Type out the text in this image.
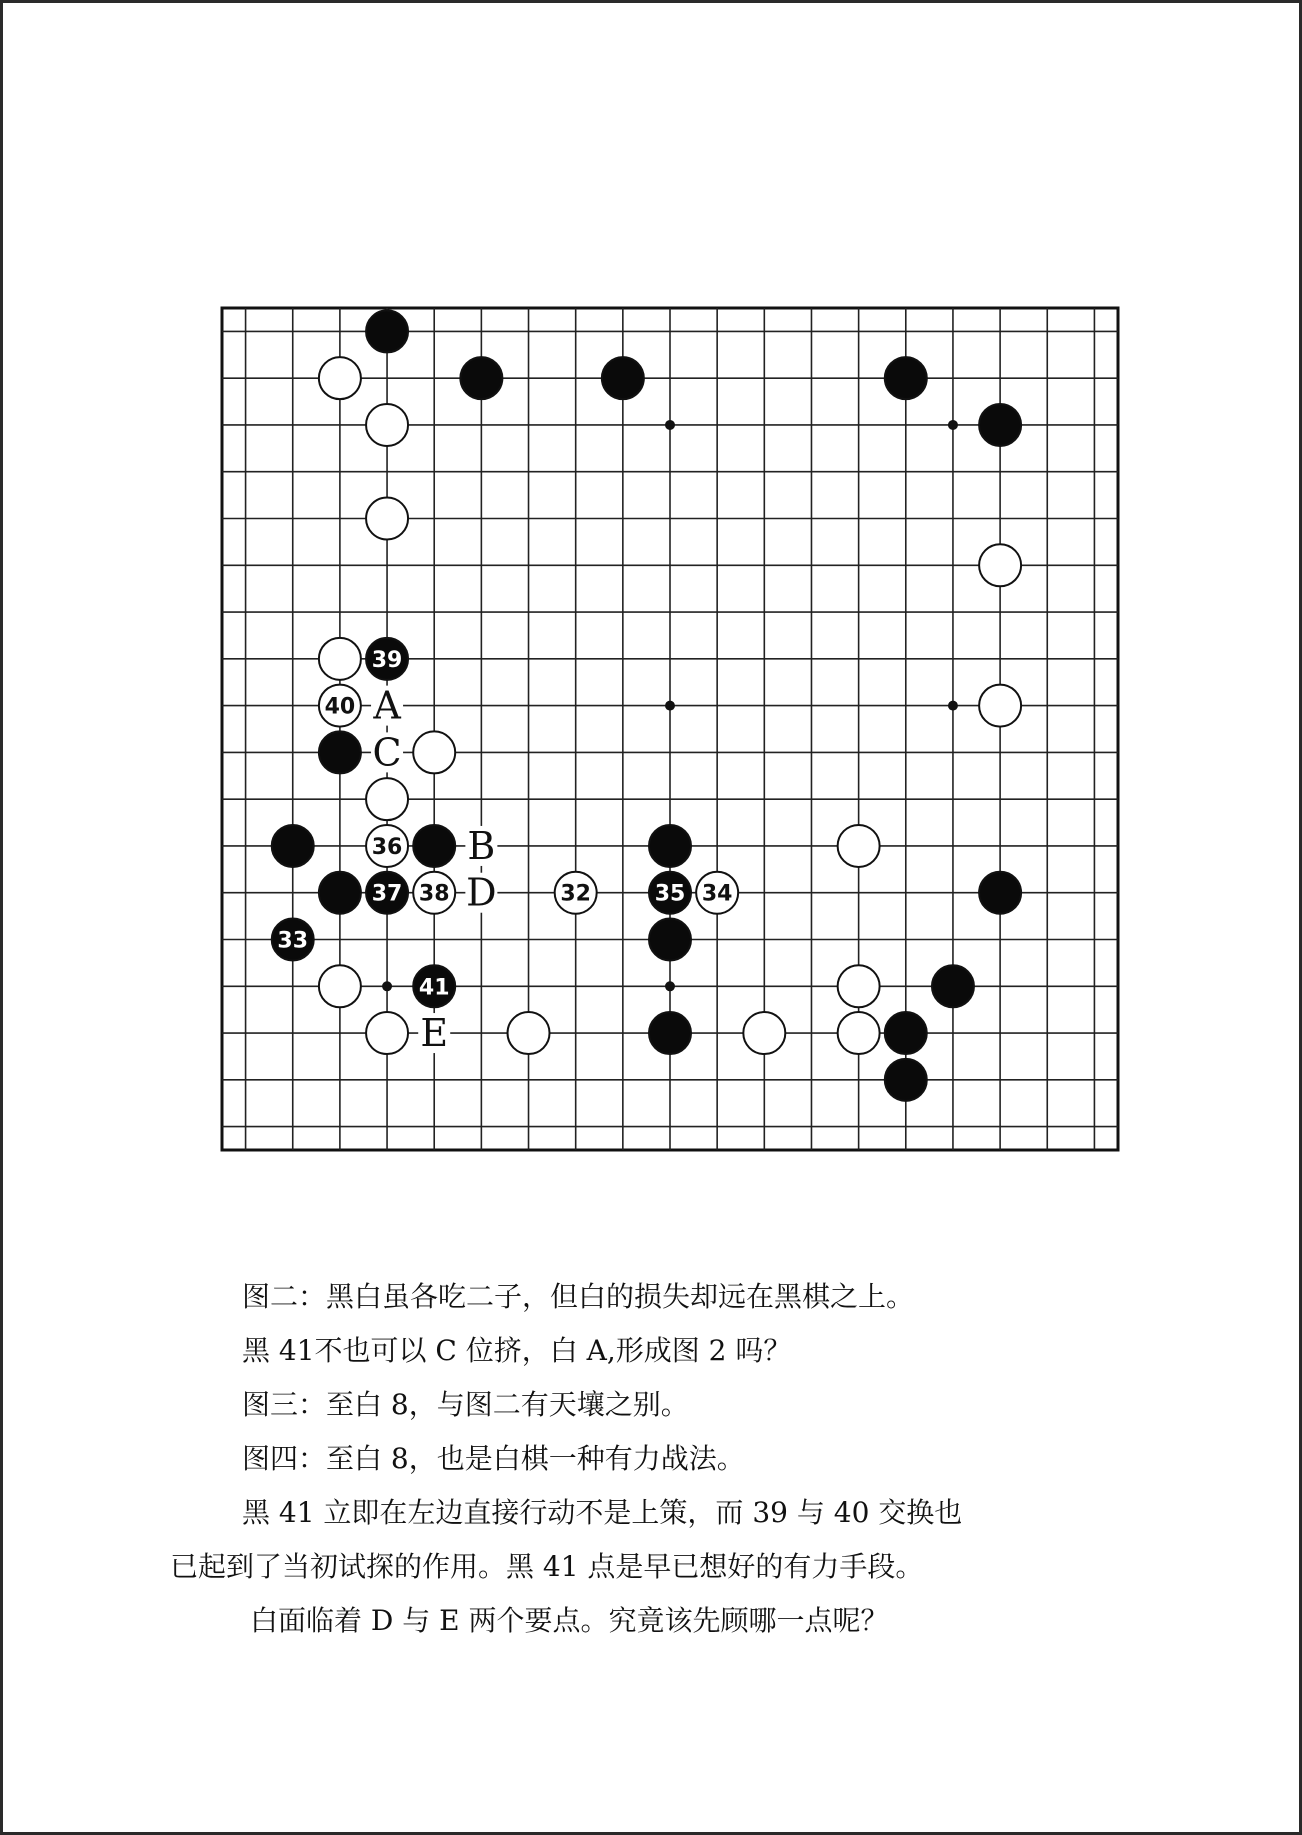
39
40
36
37 38	32	35 34
33
41
A
B
C
D
E
图二：黑白虽各吃二子，但白的损失却远在黑棋之上。
黑 41不也可以 C 位挤，白 A,形成图 2 吗？
图三：至白 8，与图二有天壤之别。
图四：至白 8，也是白棋一种有力战法。
黑 41 立即在左边直接行动不是上策，而 39 与 40 交换也
已起到了当初试探的作用。黑 41 点是早已想好的有力手段。
白面临着 D 与 E 两个要点。究竟该先顾哪一点呢？
